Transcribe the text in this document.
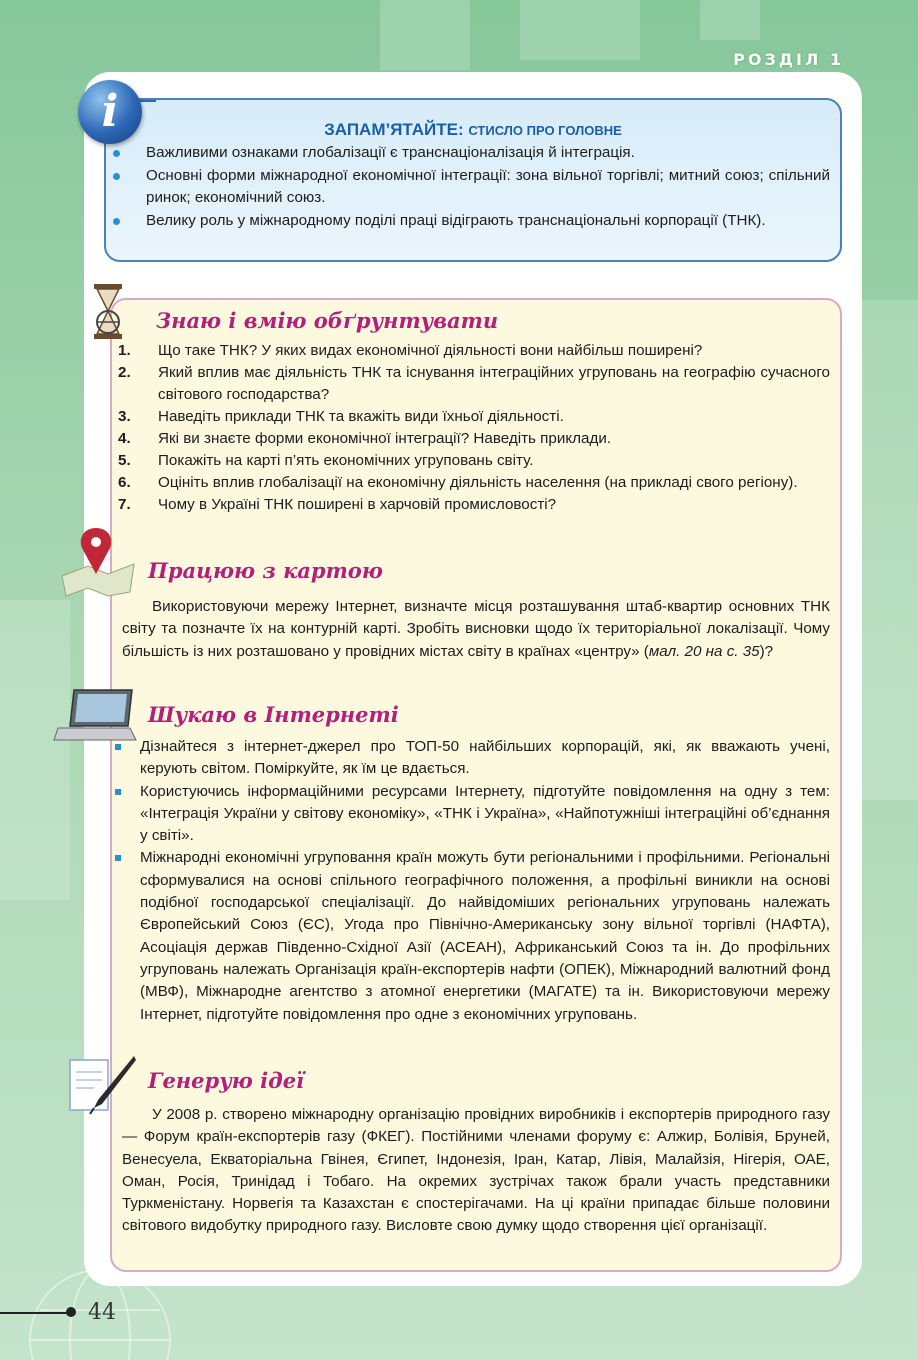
РОЗДІЛ 1
i	ЗАПАМ’ЯТАЙТЕ: СТИСЛО ПРО ГОЛОВНЕ
Важливими ознаками глобалізації є транснаціоналізація й інтеграція.
Основні форми міжнародної економічної інтеграції: зона вільної торгівлі; митний союз; спільний ринок; економічний союз.
Велику роль у міжнародному поділі праці відіграють транснаціональні корпорації (ТНК).
Знаю і вмію обґрунтувати
1. Що таке ТНК? У яких видах економічної діяльності вони найбільш поширені?
2. Який вплив має діяльність ТНК та існування інтеграційних угруповань на географію сучасного світового господарства?
3. Наведіть приклади ТНК та вкажіть види їхньої діяльності.
4. Які ви знаєте форми економічної інтеграції? Наведіть приклади.
5. Покажіть на карті п’ять економічних угруповань світу.
6. Оцініть вплив глобалізації на економічну діяльність населення (на прикладі свого регіону).
7. Чому в Україні ТНК поширені в харчовій промисловості?
Працюю з картою

Використовуючи мережу Інтернет, визначте місця розташування штаб-квартир основних ТНК світу та позначте їх на контурній карті. Зробіть висновки щодо їх територіальної локалізації. Чому більшість із них розташовано у провідних містах світу в країнах «центру» (мал. 20 на с. 35)?

Шукаю в Інтернеті
Дізнайтеся з інтернет-джерел про ТОП-50 найбільших корпорацій, які, як вважають учені, керують світом. Поміркуйте, як їм це вдається.
Користуючись інформаційними ресурсами Інтернету, підготуйте повідомлення на одну з тем: «Інтеграція України у світову економіку», «ТНК і Україна», «Найпотужніші інтеграційні об’єднання у світі».
Міжнародні економічні угруповання країн можуть бути регіональними і профільними. Регіональні сформувалися на основі спільного географічного положення, а профільні виникли на основі подібної господарської спеціалізації. До найвідоміших регіональних угруповань належать Європейський Союз (ЄС), Угода про Північно-Американську зону вільної торгівлі (НАФТА), Асоціація держав Південно-Східної Азії (АСЕАН), Африканський Союз та ін. До профільних угруповань належать Організація країн-експортерів нафти (ОПЕК), Міжнародний валютний фонд (МВФ), Міжнародне агентство з атомної енергетики (МАГАТЕ) та ін. Використовуючи мережу Інтернет, підготуйте повідомлення про одне з економічних угруповань.
Генерую ідеї

У 2008 р. створено міжнародну організацію провідних виробників і експортерів природного газу — Форум країн-експортерів газу (ФКЕГ). Постійними членами форуму є: Алжир, Болівія, Бруней, Венесуела, Екваторіальна Гвінея, Єгипет, Індонезія, Іран, Катар, Лівія, Малайзія, Нігерія, ОАЕ, Оман, Росія, Тринідад і Тобаго. На окремих зустрічах також брали участь представники Туркменістану. Норвегія та Казахстан є спостерігачами. На ці країни припадає більше половини світового видобутку природного газу. Висловте свою думку щодо створення цієї організації.

44
